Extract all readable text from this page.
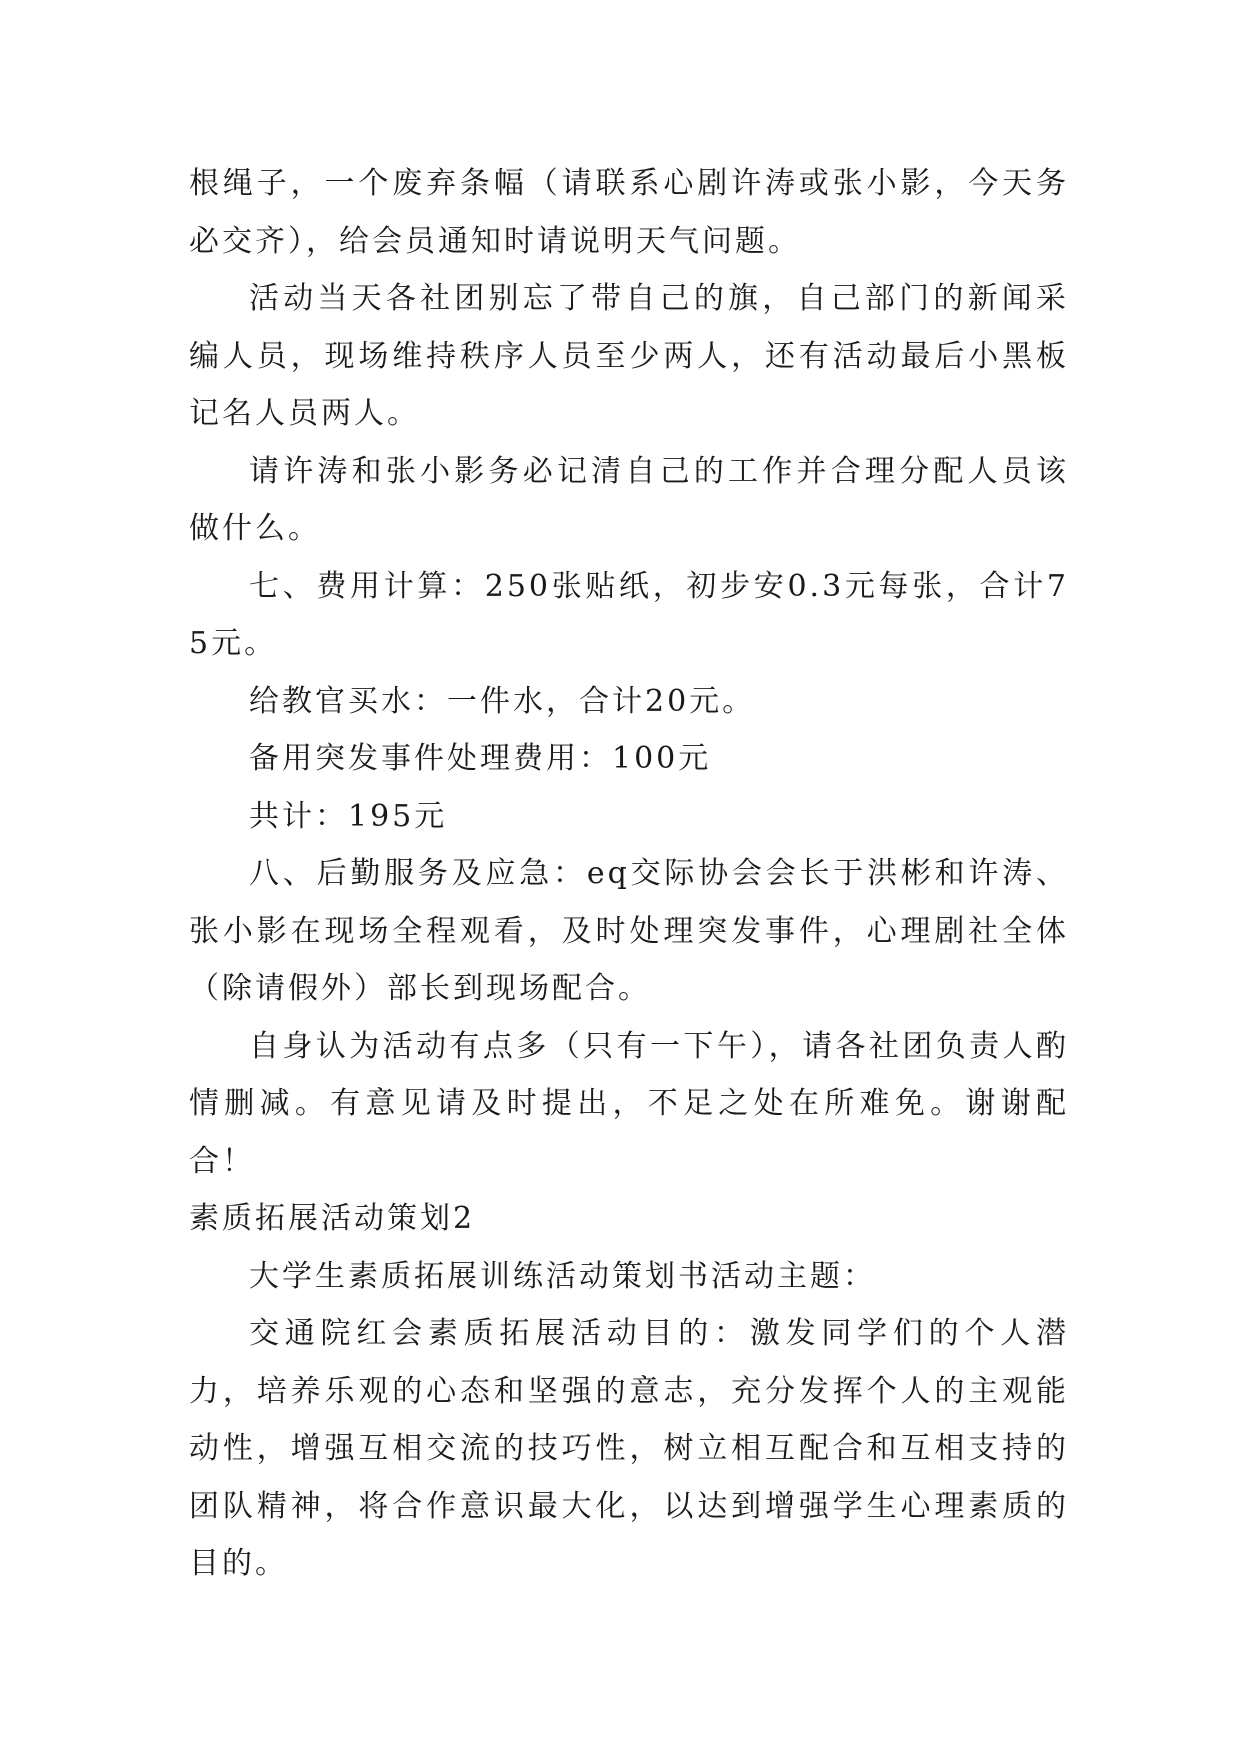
根绳子，一个废弃条幅（请联系心剧许涛或张小影，今天务必交齐），给会员通知时请说明天气问题。

活动当天各社团别忘了带自己的旗，自己部门的新闻采编人员，现场维持秩序人员至少两人，还有活动最后小黑板记名人员两人。

请许涛和张小影务必记清自己的工作并合理分配人员该做什么。

七、费用计算：250张贴纸，初步安0.3元每张，合计75元。

给教官买水：一件水，合计20元。

备用突发事件处理费用：100元

共计：195元

八、后勤服务及应急：eq交际协会会长于洪彬和许涛、张小影在现场全程观看，及时处理突发事件，心理剧社全体（除请假外）部长到现场配合。

自身认为活动有点多（只有一下午），请各社团负责人酌情删减。有意见请及时提出，不足之处在所难免。谢谢配合！

素质拓展活动策划2

大学生素质拓展训练活动策划书活动主题：

交通院红会素质拓展活动目的：激发同学们的个人潜力，培养乐观的心态和坚强的意志，充分发挥个人的主观能动性，增强互相交流的技巧性，树立相互配合和互相支持的团队精神，将合作意识最大化，以达到增强学生心理素质的目的。
